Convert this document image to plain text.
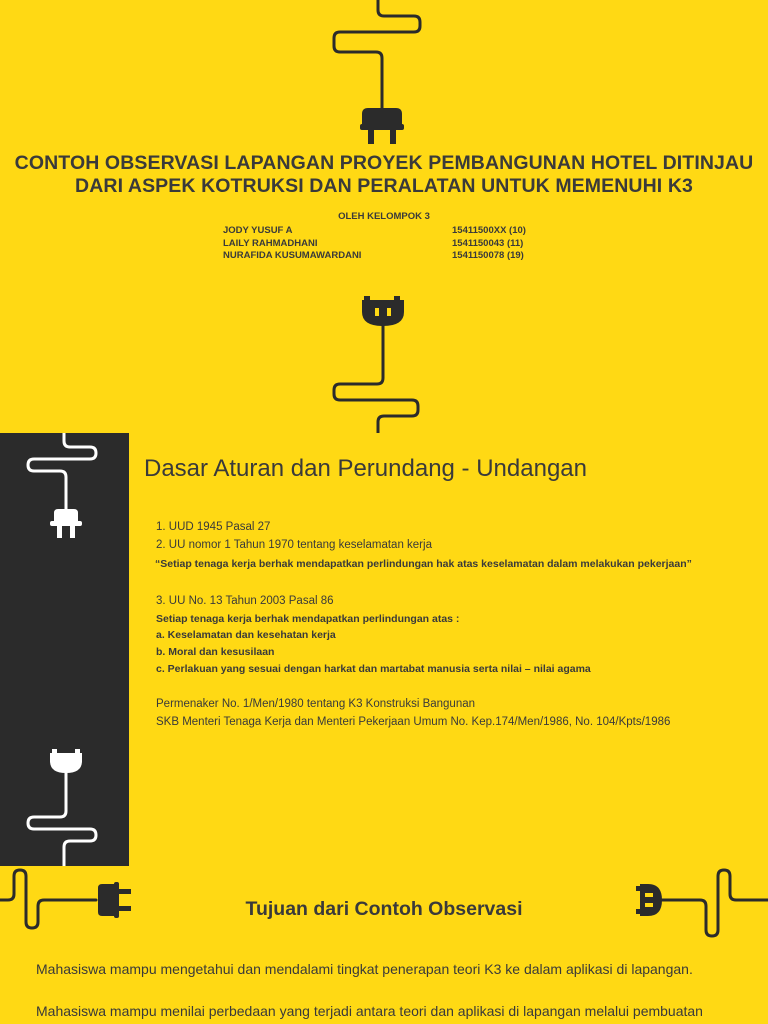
CONTOH OBSERVASI LAPANGAN PROYEK PEMBANGUNAN HOTEL DITINJAU
DARI ASPEK KOTRUKSI DAN PERALATAN UNTUK MEMENUHI K3
OLEH KELOMPOK 3
JODY YUSUF A	15411500XX (10)
LAILY RAHMADHANI	1541150043 (11)
NURAFIDA KUSUMAWARDANI	1541150078 (19)
Dasar Aturan dan Perundang - Undangan
1. UUD 1945 Pasal 27
2. UU nomor 1 Tahun 1970 tentang keselamatan kerja
“Setiap tenaga kerja berhak mendapatkan perlindungan hak atas keselamatan dalam melakukan pekerjaan”
3. UU No. 13 Tahun 2003 Pasal 86
Setiap tenaga kerja berhak mendapatkan perlindungan atas :
a. Keselamatan dan kesehatan kerja
b. Moral dan kesusilaan
c. Perlakuan yang sesuai dengan harkat dan martabat manusia serta nilai – nilai agama
Permenaker No. 1/Men/1980 tentang K3 Konstruksi Bangunan
SKB Menteri Tenaga Kerja dan Menteri Pekerjaan Umum No. Kep.174/Men/1986, No. 104/Kpts/1986
Tujuan dari Contoh Observasi
Mahasiswa mampu mengetahui dan mendalami tingkat penerapan teori K3 ke dalam aplikasi di lapangan.
Mahasiswa mampu menilai perbedaan yang terjadi antara teori dan aplikasi di lapangan melalui pembuatan
